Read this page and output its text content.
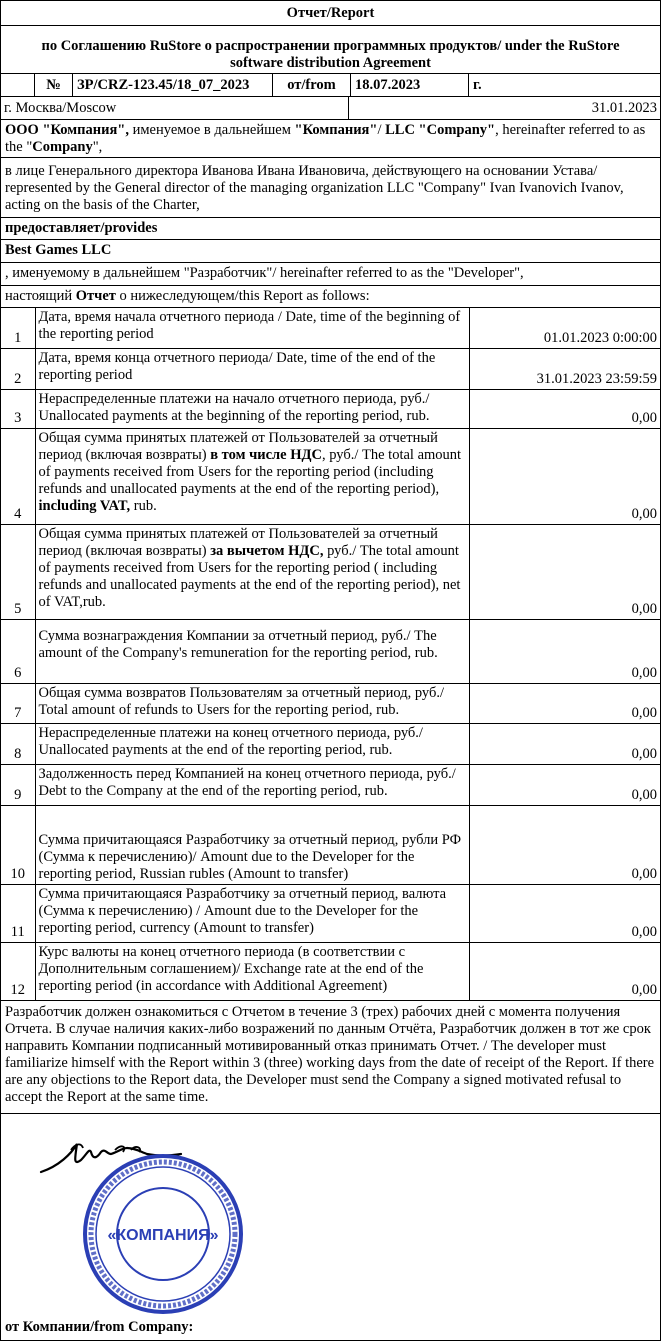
Отчет/Report
по Соглашению RuStore о распространении программных продуктов/ under the RuStore
software distribution Agreement
№	ЗР/CRZ-123.45/18_07_2023	от/from	18.07.2023	г.
г. Москва/Moscow	31.01.2023
ООО "Компания", именуемое в дальнейшем "Компания"/ LLC "Company", hereinafter referred to as the "Company",
в лице Генерального директора Иванова Ивана Ивановича, действующего на основании Устава/ represented by the General director of the managing organization LLC "Company" Ivan Ivanovich Ivanov, acting on the basis of the Charter,
предоставляет/provides
Best Games LLC
, именуемому в дальнейшем "Разработчик"/ hereinafter referred to as the "Developer",
настоящий Отчет о нижеследующем/this Report as follows:
1	Дата, время начала отчетного периода / Date, time of the beginning of the reporting period	01.01.2023 0:00:00
2	Дата, время конца отчетного периода/ Date, time of the end of the reporting period	31.01.2023 23:59:59
3	Нераспределенные платежи на начало отчетного периода, руб./ Unallocated payments at the beginning of the reporting period, rub.	0,00
4	Общая сумма принятых платежей от Пользователей за отчетный период (включая возвраты) в том числе НДС, руб./ The total amount of payments received from Users for the reporting period (including refunds and unallocated payments at the end of the reporting period), including VAT, rub.	0,00
5	Общая сумма принятых платежей от Пользователей за отчетный период (включая возвраты) за вычетом НДС, руб./ The total amount of payments received from Users for the reporting period ( including refunds and unallocated payments at the end of the reporting period), net of VAT,rub.	0,00
6	Сумма вознаграждения Компании за отчетный период, руб./ The amount of the Company's remuneration for the reporting period, rub.	0,00
7	Общая сумма возвратов Пользователям за отчетный период, руб./ Total amount of refunds to Users for the reporting period, rub.	0,00
8	Нераспределенные платежи на конец отчетного периода, руб./ Unallocated payments at the end of the reporting period, rub.	0,00
9	Задолженность перед Компанией на конец отчетного периода, руб./ Debt to the Company at the end of the reporting period, rub.	0,00
10	Сумма причитающаяся Разработчику за отчетный период, рубли РФ (Сумма к перечислению)/ Amount due to the Developer for the reporting period, Russian rubles (Amount to transfer)	0,00
11	Сумма причитающаяся Разработчику за отчетный период, валюта (Сумма к перечислению) / Amount due to the Developer for the reporting period, currency (Amount to transfer)	0,00
12	Курс валюты на конец отчетного периода (в соответствии с Дополнительным соглашением)/ Exchange rate at the end of the reporting period (in accordance with Additional Agreement)	0,00
Разработчик должен ознакомиться с Отчетом в течение 3 (трех) рабочих дней с момента получения Отчета. В случае наличия каких-либо возражений по данным Отчёта, Разработчик должен в тот же срок направить Компании подписанный мотивированный отказ принимать Отчет. / The developer must familiarize himself with the Report within 3 (three) working days from the date of receipt of the Report. If there are any objections to the Report data, the Developer must send the Company a signed motivated refusal to accept the Report at the same time.
«КОМПАНИЯ»
от Компании/from Company:
